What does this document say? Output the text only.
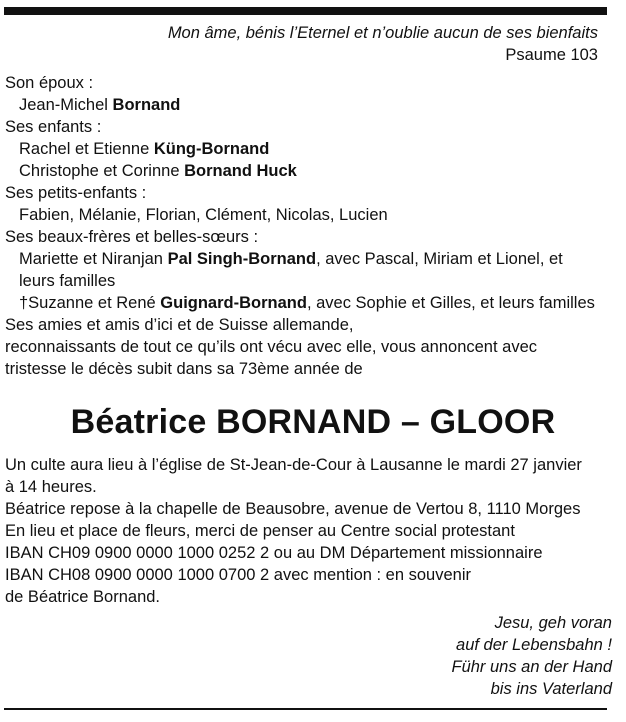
Mon âme, bénis l’Eternel et n’oublie aucun de ses bienfaits
Psaume 103
Son époux :
Jean-Michel Bornand
Ses enfants :
Rachel et Etienne Küng-Bornand
Christophe et Corinne Bornand Huck
Ses petits-enfants :
Fabien, Mélanie, Florian, Clément, Nicolas, Lucien
Ses beaux-frères et belles-sœurs :
Mariette et Niranjan Pal Singh-Bornand, avec Pascal, Miriam et Lionel, et
leurs familles
†Suzanne et René Guignard-Bornand, avec Sophie et Gilles, et leurs familles
Ses amies et amis d’ici et de Suisse allemande,
reconnaissants de tout ce qu’ils ont vécu avec elle, vous annoncent avec
tristesse le décès subit dans sa 73ème année de
Béatrice BORNAND – GLOOR
Un culte aura lieu à l’église de St-Jean-de-Cour à Lausanne le mardi 27 janvier
à 14 heures.
Béatrice repose à la chapelle de Beausobre, avenue de Vertou 8, 1110 Morges
En lieu et place de fleurs, merci de penser au Centre social protestant
IBAN CH09 0900 0000 1000 0252 2 ou au DM Département missionnaire
IBAN CH08 0900 0000 1000 0700 2 avec mention : en souvenir
de Béatrice Bornand.
Jesu, geh voran
auf der Lebensbahn !
Führ uns an der Hand
bis ins Vaterland
